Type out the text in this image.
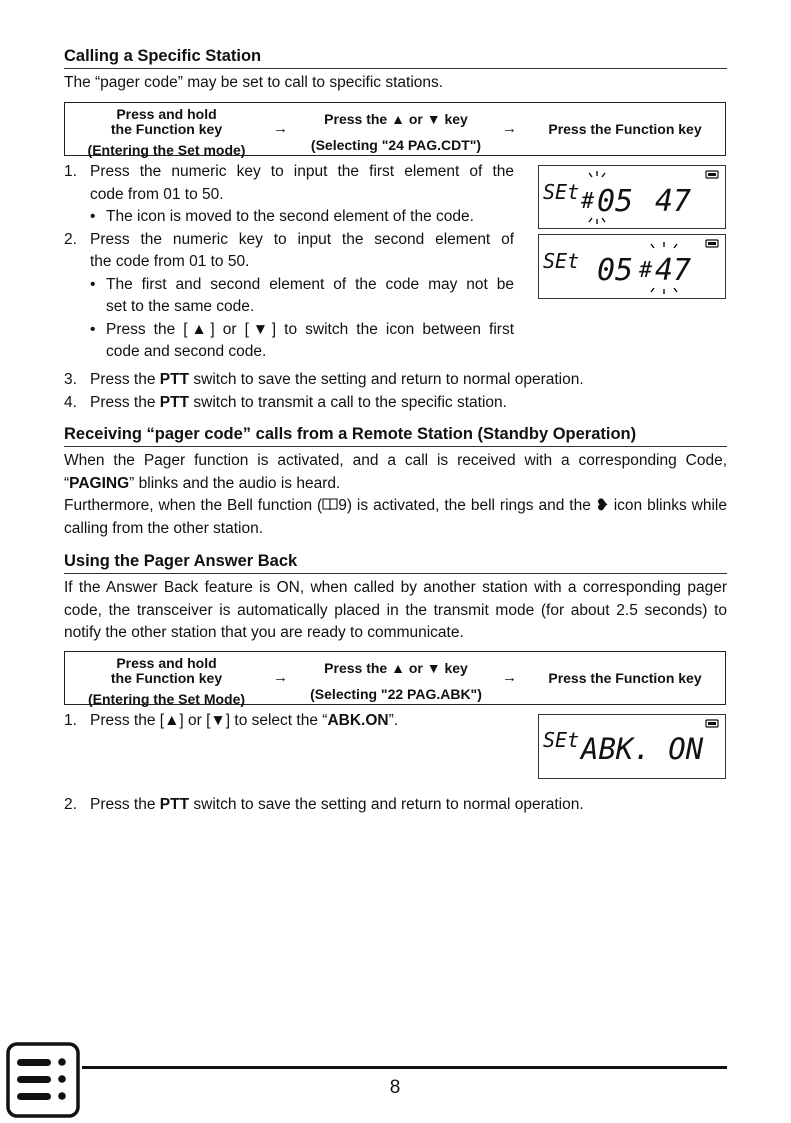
Calling a Specific Station
The “pager code” may be set to call to specific stations.
Press and hold
the Function key
(Entering the Set mode)
→
Press the ▲ or ▼ key
(Selecting "24 PAG.CDT")
→	Press the Function key
1. Press the numeric key to input the first element of the
code from 01 to 50.
• The icon is moved to the second element of the code.
2. Press the numeric key to input the second element of
the code from 01 to 50.
• The first and second element of the code may not be
set to the same code.
• Press the [▲] or [▼] to switch the icon between first
code and second code.
3. Press the PTT switch to save the setting and return to normal operation.
4. Press the PTT switch to transmit a call to the specific station.
SEt # 05 47
SEt 05 # 47
Receiving “pager code” calls from a Remote Station (Standby Operation)
When the Pager function is activated, and a call is received with a corresponding Code, “PAGING” blinks and the audio is heard.
Furthermore, when the Bell function ( 9) is activated, the bell rings and the ❥ icon blinks while calling from the other station.
Using the Pager Answer Back
If the Answer Back feature is ON, when called by another station with a corresponding pager code, the transceiver is automatically placed in the transmit mode (for about 2.5 seconds) to notify the other station that you are ready to communicate.
Press and hold
the Function key
(Entering the Set Mode)
→
Press the ▲ or ▼ key
(Selecting "22 PAG.ABK")
→	Press the Function key
1. Press the [▲] or [▼] to select the “ABK.ON”.
SEt ABK. ON
2. Press the PTT switch to save the setting and return to normal operation.
8
